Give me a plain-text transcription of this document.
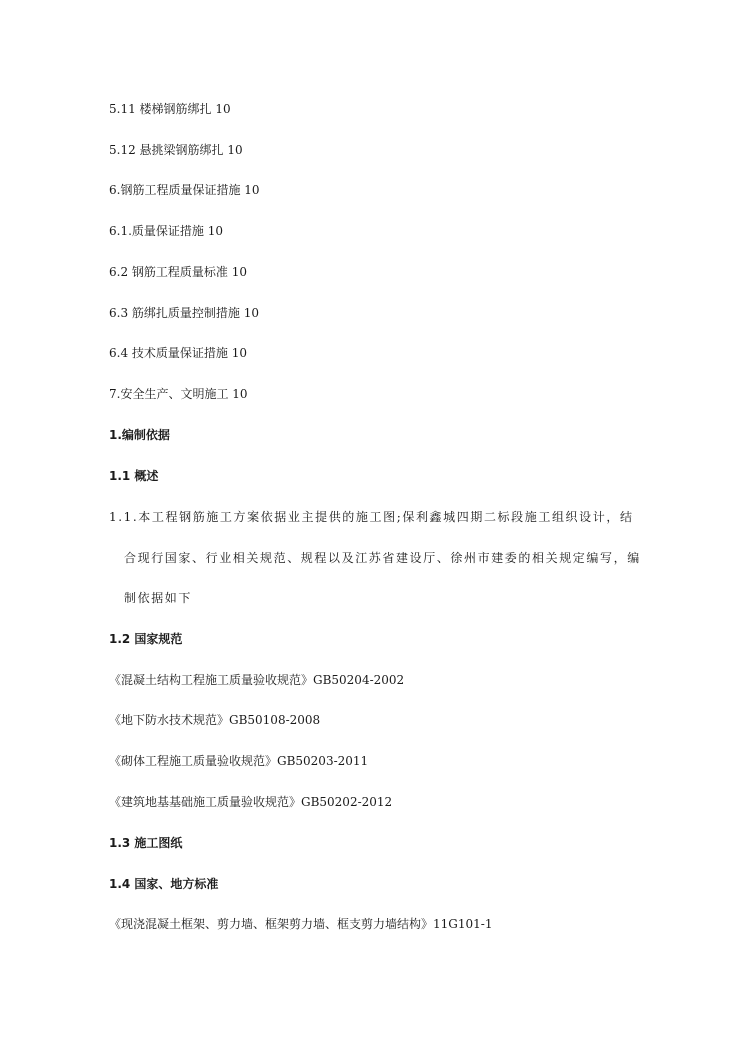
5.11 楼梯钢筋绑扎 10
5.12 悬挑梁钢筋绑扎 10
6.钢筋工程质量保证措施 10
6.1.质量保证措施 10
6.2 钢筋工程质量标准 10
6.3 筋绑扎质量控制措施 10
6.4 技术质量保证措施 10
7.安全生产、文明施工 10
1.编制依据
1.1 概述
1.1.本工程钢筋施工方案依据业主提供的施工图;保利鑫城四期二标段施工组织设计，结
合现行国家、行业相关规范、规程以及江苏省建设厅、徐州市建委的相关规定编写，编
制依据如下
1.2 国家规范
《混凝土结构工程施工质量验收规范》GB50204-2002
《地下防水技术规范》GB50108-2008
《砌体工程施工质量验收规范》GB50203-2011
《建筑地基基础施工质量验收规范》GB50202-2012
1.3 施工图纸
1.4 国家、地方标准
《现浇混凝土框架、剪力墙、框架剪力墙、框支剪力墙结构》11G101-1
